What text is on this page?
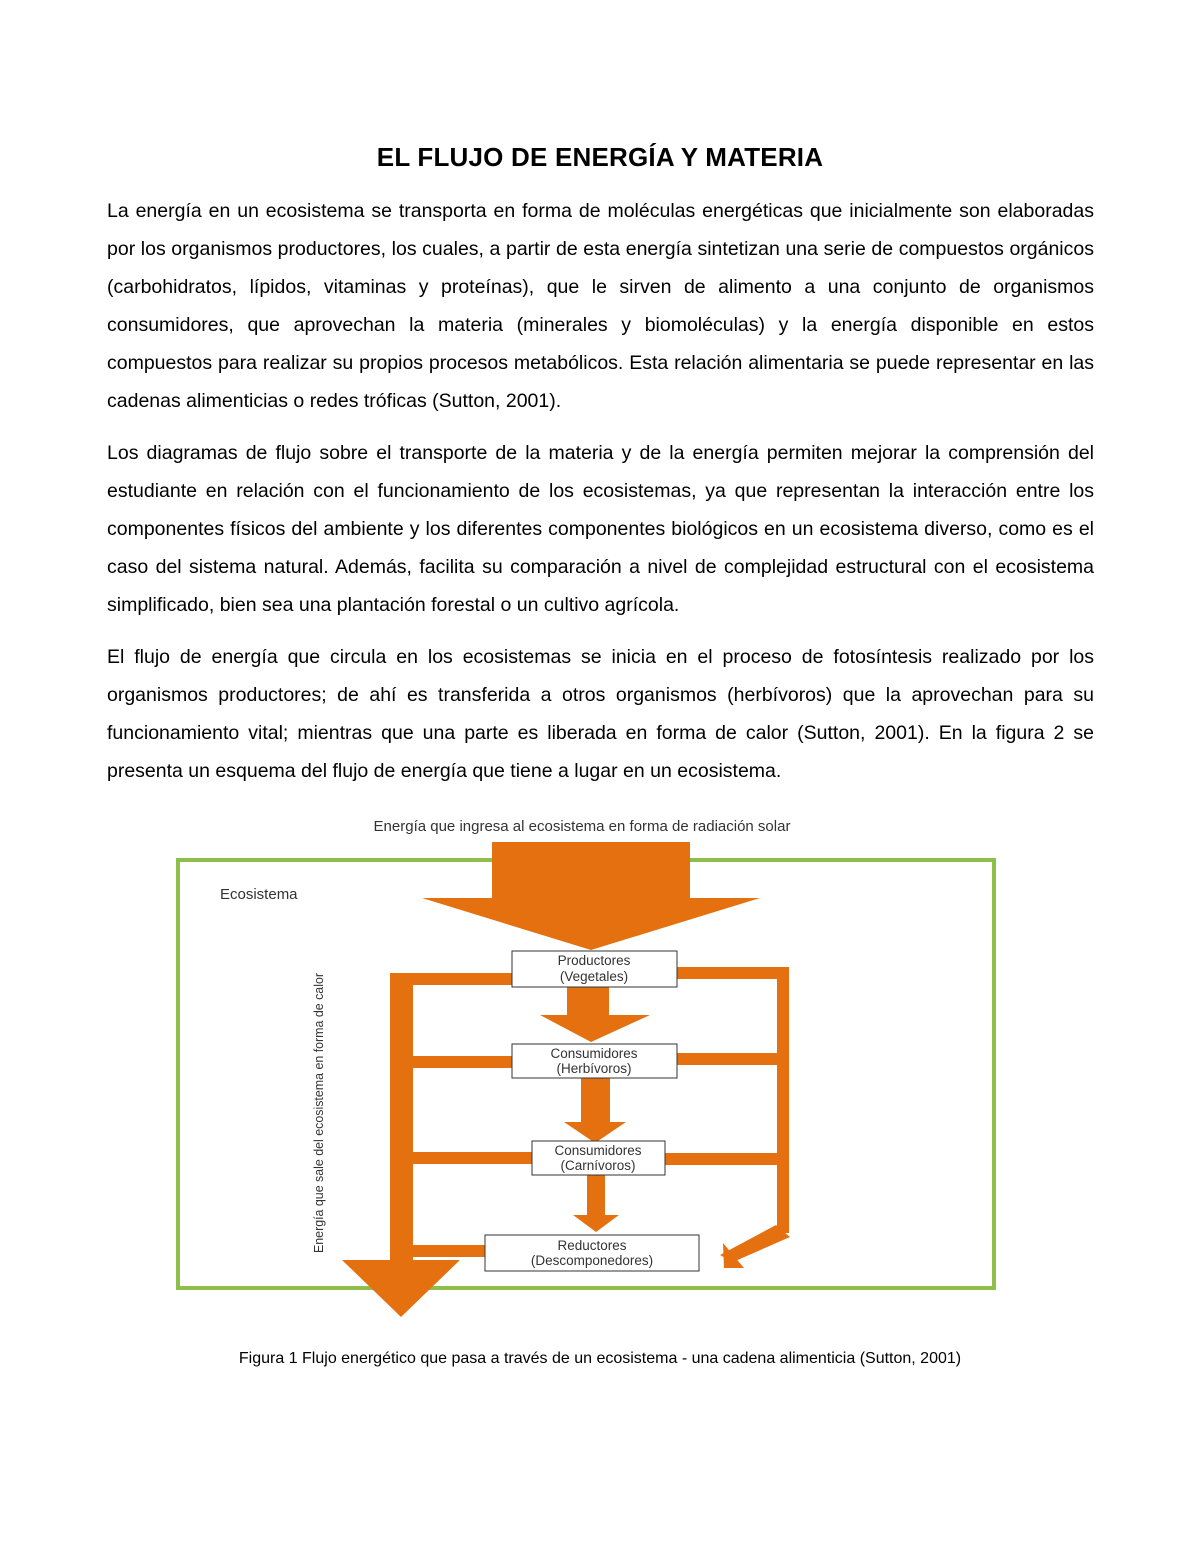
EL FLUJO DE ENERGÍA Y MATERIA

La energía en un ecosistema se transporta en forma de moléculas energéticas que inicialmente son elaboradas por los organismos productores, los cuales, a partir de esta energía sintetizan una serie de compuestos orgánicos (carbohidratos, lípidos, vitaminas y proteínas), que le sirven de alimento a una conjunto de organismos consumidores, que aprovechan la materia (minerales y biomoléculas) y la energía disponible en estos compuestos para realizar su propios procesos metabólicos. Esta relación alimentaria se puede representar en las cadenas alimenticias o redes tróficas (Sutton, 2001).

Los diagramas de flujo sobre el transporte de la materia y de la energía permiten mejorar la comprensión del estudiante en relación con el funcionamiento de los ecosistemas, ya que representan la interacción entre los componentes físicos del ambiente y los diferentes componentes biológicos en un ecosistema diverso, como es el caso del sistema natural. Además, facilita su comparación a nivel de complejidad estructural con el ecosistema simplificado, bien sea una plantación forestal o un cultivo agrícola.

El flujo de energía que circula en los ecosistemas se inicia en el proceso de fotosíntesis realizado por los organismos productores; de ahí es transferida a otros organismos (herbívoros) que la aprovechan para su funcionamiento vital; mientras que una parte es liberada en forma de calor (Sutton, 2001). En la figura 2 se presenta un esquema del flujo de energía que tiene a lugar en un ecosistema.

Energía que ingresa al ecosistema en forma de radiación solar
Ecosistema
Productores
(Vegetales)
Consumidores
(Herbívoros)
Consumidores
(Carnívoros)
Reductores
(Descomponedores)
Energía que sale del ecosistema en forma de calor
Figura 1 Flujo energético que pasa a través de un ecosistema - una cadena alimenticia (Sutton, 2001)
